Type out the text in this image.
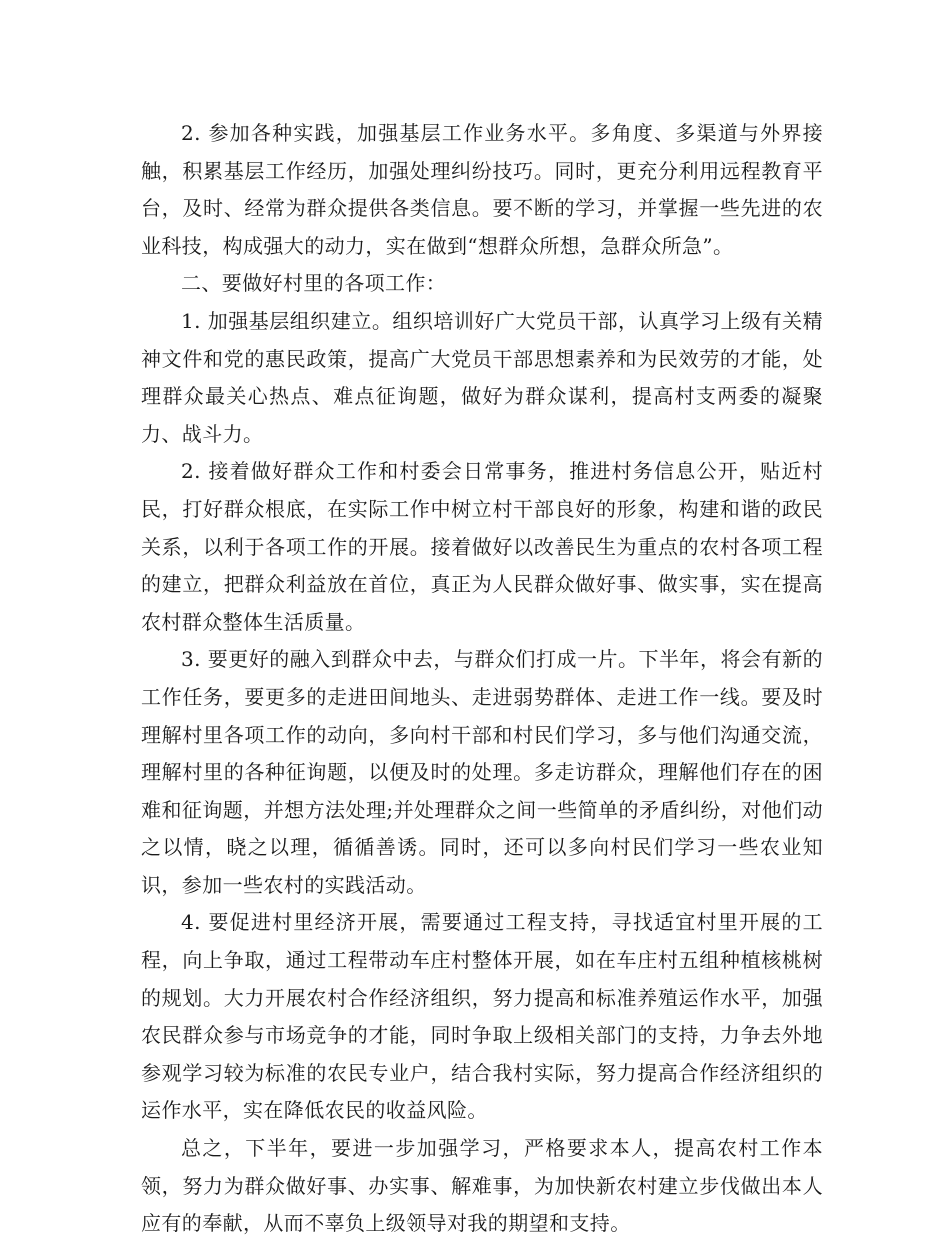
2. 参加各种实践，加强基层工作业务水平。多角度、多渠道与外界接触，积累基层工作经历，加强处理纠纷技巧。同时，更充分利用远程教育平台，及时、经常为群众提供各类信息。要不断的学习，并掌握一些先进的农业科技，构成强大的动力，实在做到“想群众所想，急群众所急”。

二、要做好村里的各项工作：

1. 加强基层组织建立。组织培训好广大党员干部，认真学习上级有关精神文件和党的惠民政策，提高广大党员干部思想素养和为民效劳的才能，处理群众最关心热点、难点征询题，做好为群众谋利，提高村支两委的凝聚力、战斗力。

2. 接着做好群众工作和村委会日常事务，推进村务信息公开，贴近村民，打好群众根底，在实际工作中树立村干部良好的形象，构建和谐的政民关系，以利于各项工作的开展。接着做好以改善民生为重点的农村各项工程的建立，把群众利益放在首位，真正为人民群众做好事、做实事，实在提高农村群众整体生活质量。

3. 要更好的融入到群众中去，与群众们打成一片。下半年，将会有新的工作任务，要更多的走进田间地头、走进弱势群体、走进工作一线。要及时理解村里各项工作的动向，多向村干部和村民们学习，多与他们沟通交流，理解村里的各种征询题，以便及时的处理。多走访群众，理解他们存在的困难和征询题，并想方法处理;并处理群众之间一些简单的矛盾纠纷，对他们动之以情，晓之以理，循循善诱。同时，还可以多向村民们学习一些农业知识，参加一些农村的实践活动。

4. 要促进村里经济开展，需要通过工程支持，寻找适宜村里开展的工程，向上争取，通过工程带动车庄村整体开展，如在车庄村五组种植核桃树的规划。大力开展农村合作经济组织，努力提高和标准养殖运作水平，加强农民群众参与市场竞争的才能，同时争取上级相关部门的支持，力争去外地参观学习较为标准的农民专业户，结合我村实际，努力提高合作经济组织的运作水平，实在降低农民的收益风险。

总之，下半年，要进一步加强学习，严格要求本人，提高农村工作本领，努力为群众做好事、办实事、解难事，为加快新农村建立步伐做出本人应有的奉献，从而不辜负上级领导对我的期望和支持。
